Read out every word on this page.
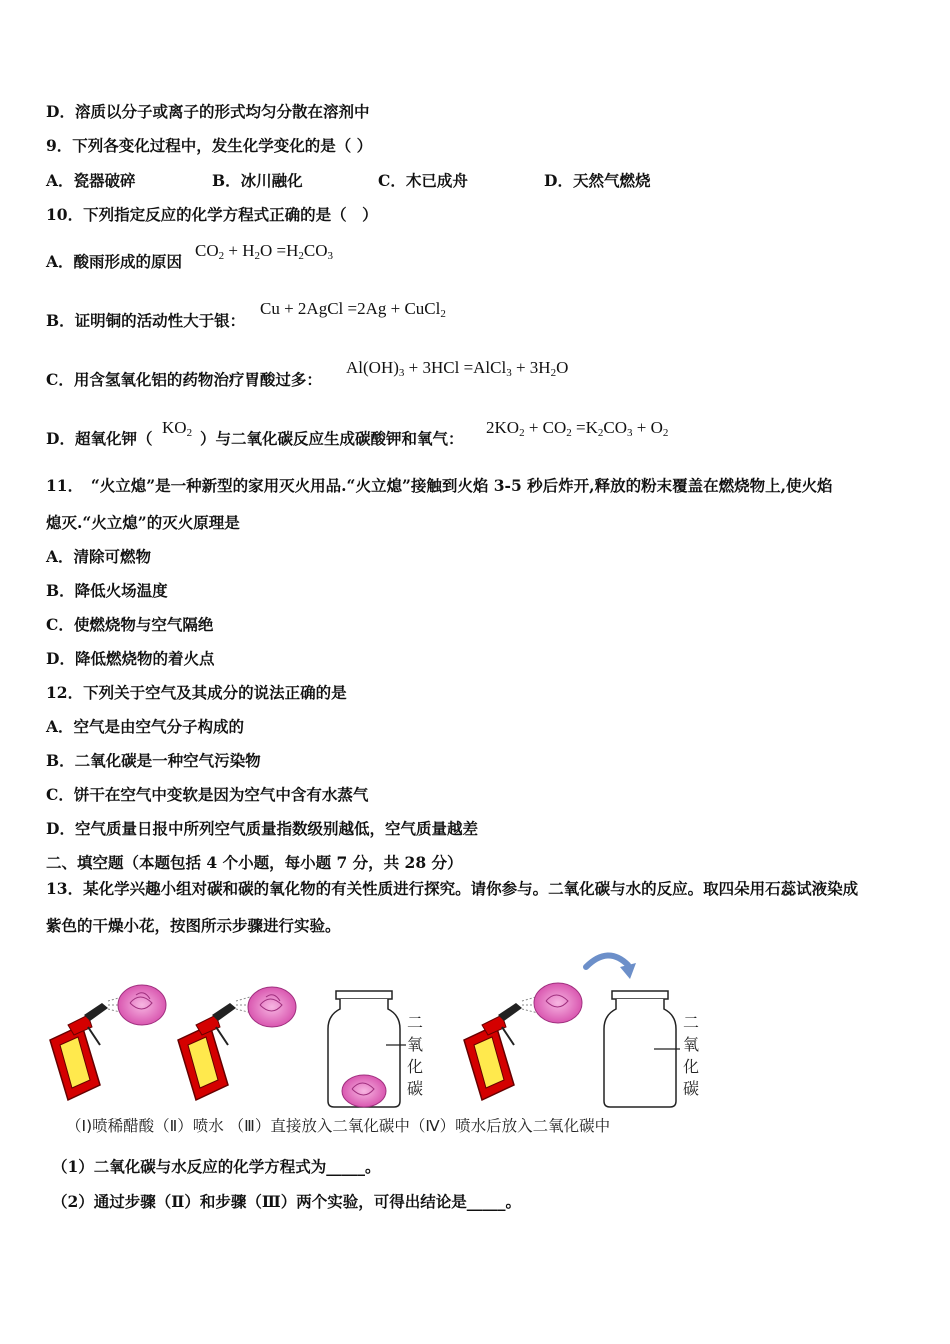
D．溶质以分子或离子的形式均匀分散在溶剂中
9．下列各变化过程中，发生化学变化的是（ ）
A．瓷器破碎	B．冰川融化	C．木已成舟	D．天然气燃烧
10．下列指定反应的化学方程式正确的是（　）
A．酸雨形成的原因
$CO_2 + H_2O =H_2CO_3$
B．证明铜的活动性大于银：
Cu + 2AgCl =2Ag + CuCl$_2$
C．用含氢氧化铝的药物治疗胃酸过多：
$Al(OH)_3 + 3HCl$ =AlCl$_3$ + $3H_2O$
D．超氧化钾（
$KO_2$ ）与二氧化碳反应生成碳酸钾和氧气：
$2KO_2 + CO_2 =K_2CO_3 + O_2$
11．　“火立熄”是一种新型的家用灭火用品.“火立熄”接触到火焰 3-5 秒后炸开,释放的粉末覆盖在燃烧物上,使火焰
熄灭.“火立熄”的灭火原理是
A．清除可燃物
B．降低火场温度
C．使燃烧物与空气隔绝
D．降低燃烧物的着火点
12．下列关于空气及其成分的说法正确的是
A．空气是由空气分子构成的
B．二氧化碳是一种空气污染物
C．饼干在空气中变软是因为空气中含有水蒸气
D．空气质量日报中所列空气质量指数级别越低，空气质量越差
二、填空题（本题包括 4 个小题，每小题 7 分，共 28 分）
13．某化学兴趣小组对碳和碳的氧化物的有关性质进行探究。请你参与。二氧化碳与水的反应。取四朵用石蕊试液染成
紫色的干燥小花，按图所示步骤进行实验。
二
氧
化
碳
二
氧
化
碳
（Ⅰ)喷稀醋酸（Ⅱ）喷水 （Ⅲ）直接放入二氧化碳中（Ⅳ）喷水后放入二氧化碳中
（1）二氧化碳与水反应的化学方程式为_____。
（2）通过步骤（Ⅱ）和步骤（Ⅲ）两个实验，可得出结论是_____。
